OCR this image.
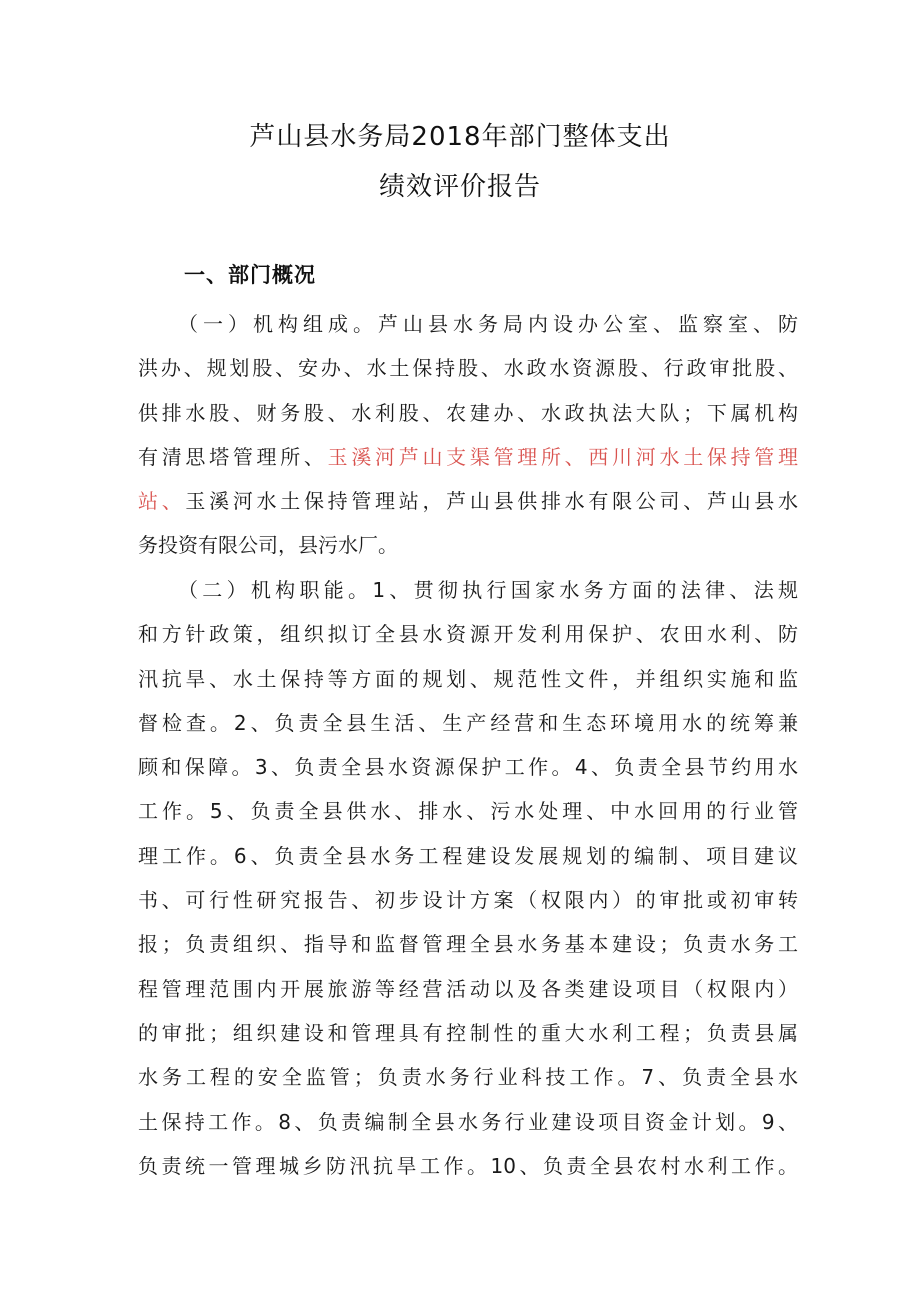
芦山县水务局2018年部门整体支出
绩效评价报告
一、部门概况
（一）机构组成。芦山县水务局内设办公室、监察室、防
洪办、规划股、安办、水土保持股、水政水资源股、行政审批股、
供排水股、财务股、水利股、农建办、水政执法大队；下属机构
有清思塔管理所、玉溪河芦山支渠管理所、西川河水土保持管理
站、玉溪河水土保持管理站，芦山县供排水有限公司、芦山县水
务投资有限公司，县污水厂。
（二）机构职能。1、贯彻执行国家水务方面的法律、法规
和方针政策，组织拟订全县水资源开发利用保护、农田水利、防
汛抗旱、水土保持等方面的规划、规范性文件，并组织实施和监
督检查。2、负责全县生活、生产经营和生态环境用水的统筹兼
顾和保障。3、负责全县水资源保护工作。4、负责全县节约用水
工作。5、负责全县供水、排水、污水处理、中水回用的行业管
理工作。6、负责全县水务工程建设发展规划的编制、项目建议
书、可行性研究报告、初步设计方案（权限内）的审批或初审转
报；负责组织、指导和监督管理全县水务基本建设；负责水务工
程管理范围内开展旅游等经营活动以及各类建设项目（权限内）
的审批；组织建设和管理具有控制性的重大水利工程；负责县属
水务工程的安全监管；负责水务行业科技工作。7、负责全县水
土保持工作。8、负责编制全县水务行业建设项目资金计划。9、
负责统一管理城乡防汛抗旱工作。10、负责全县农村水利工作。
